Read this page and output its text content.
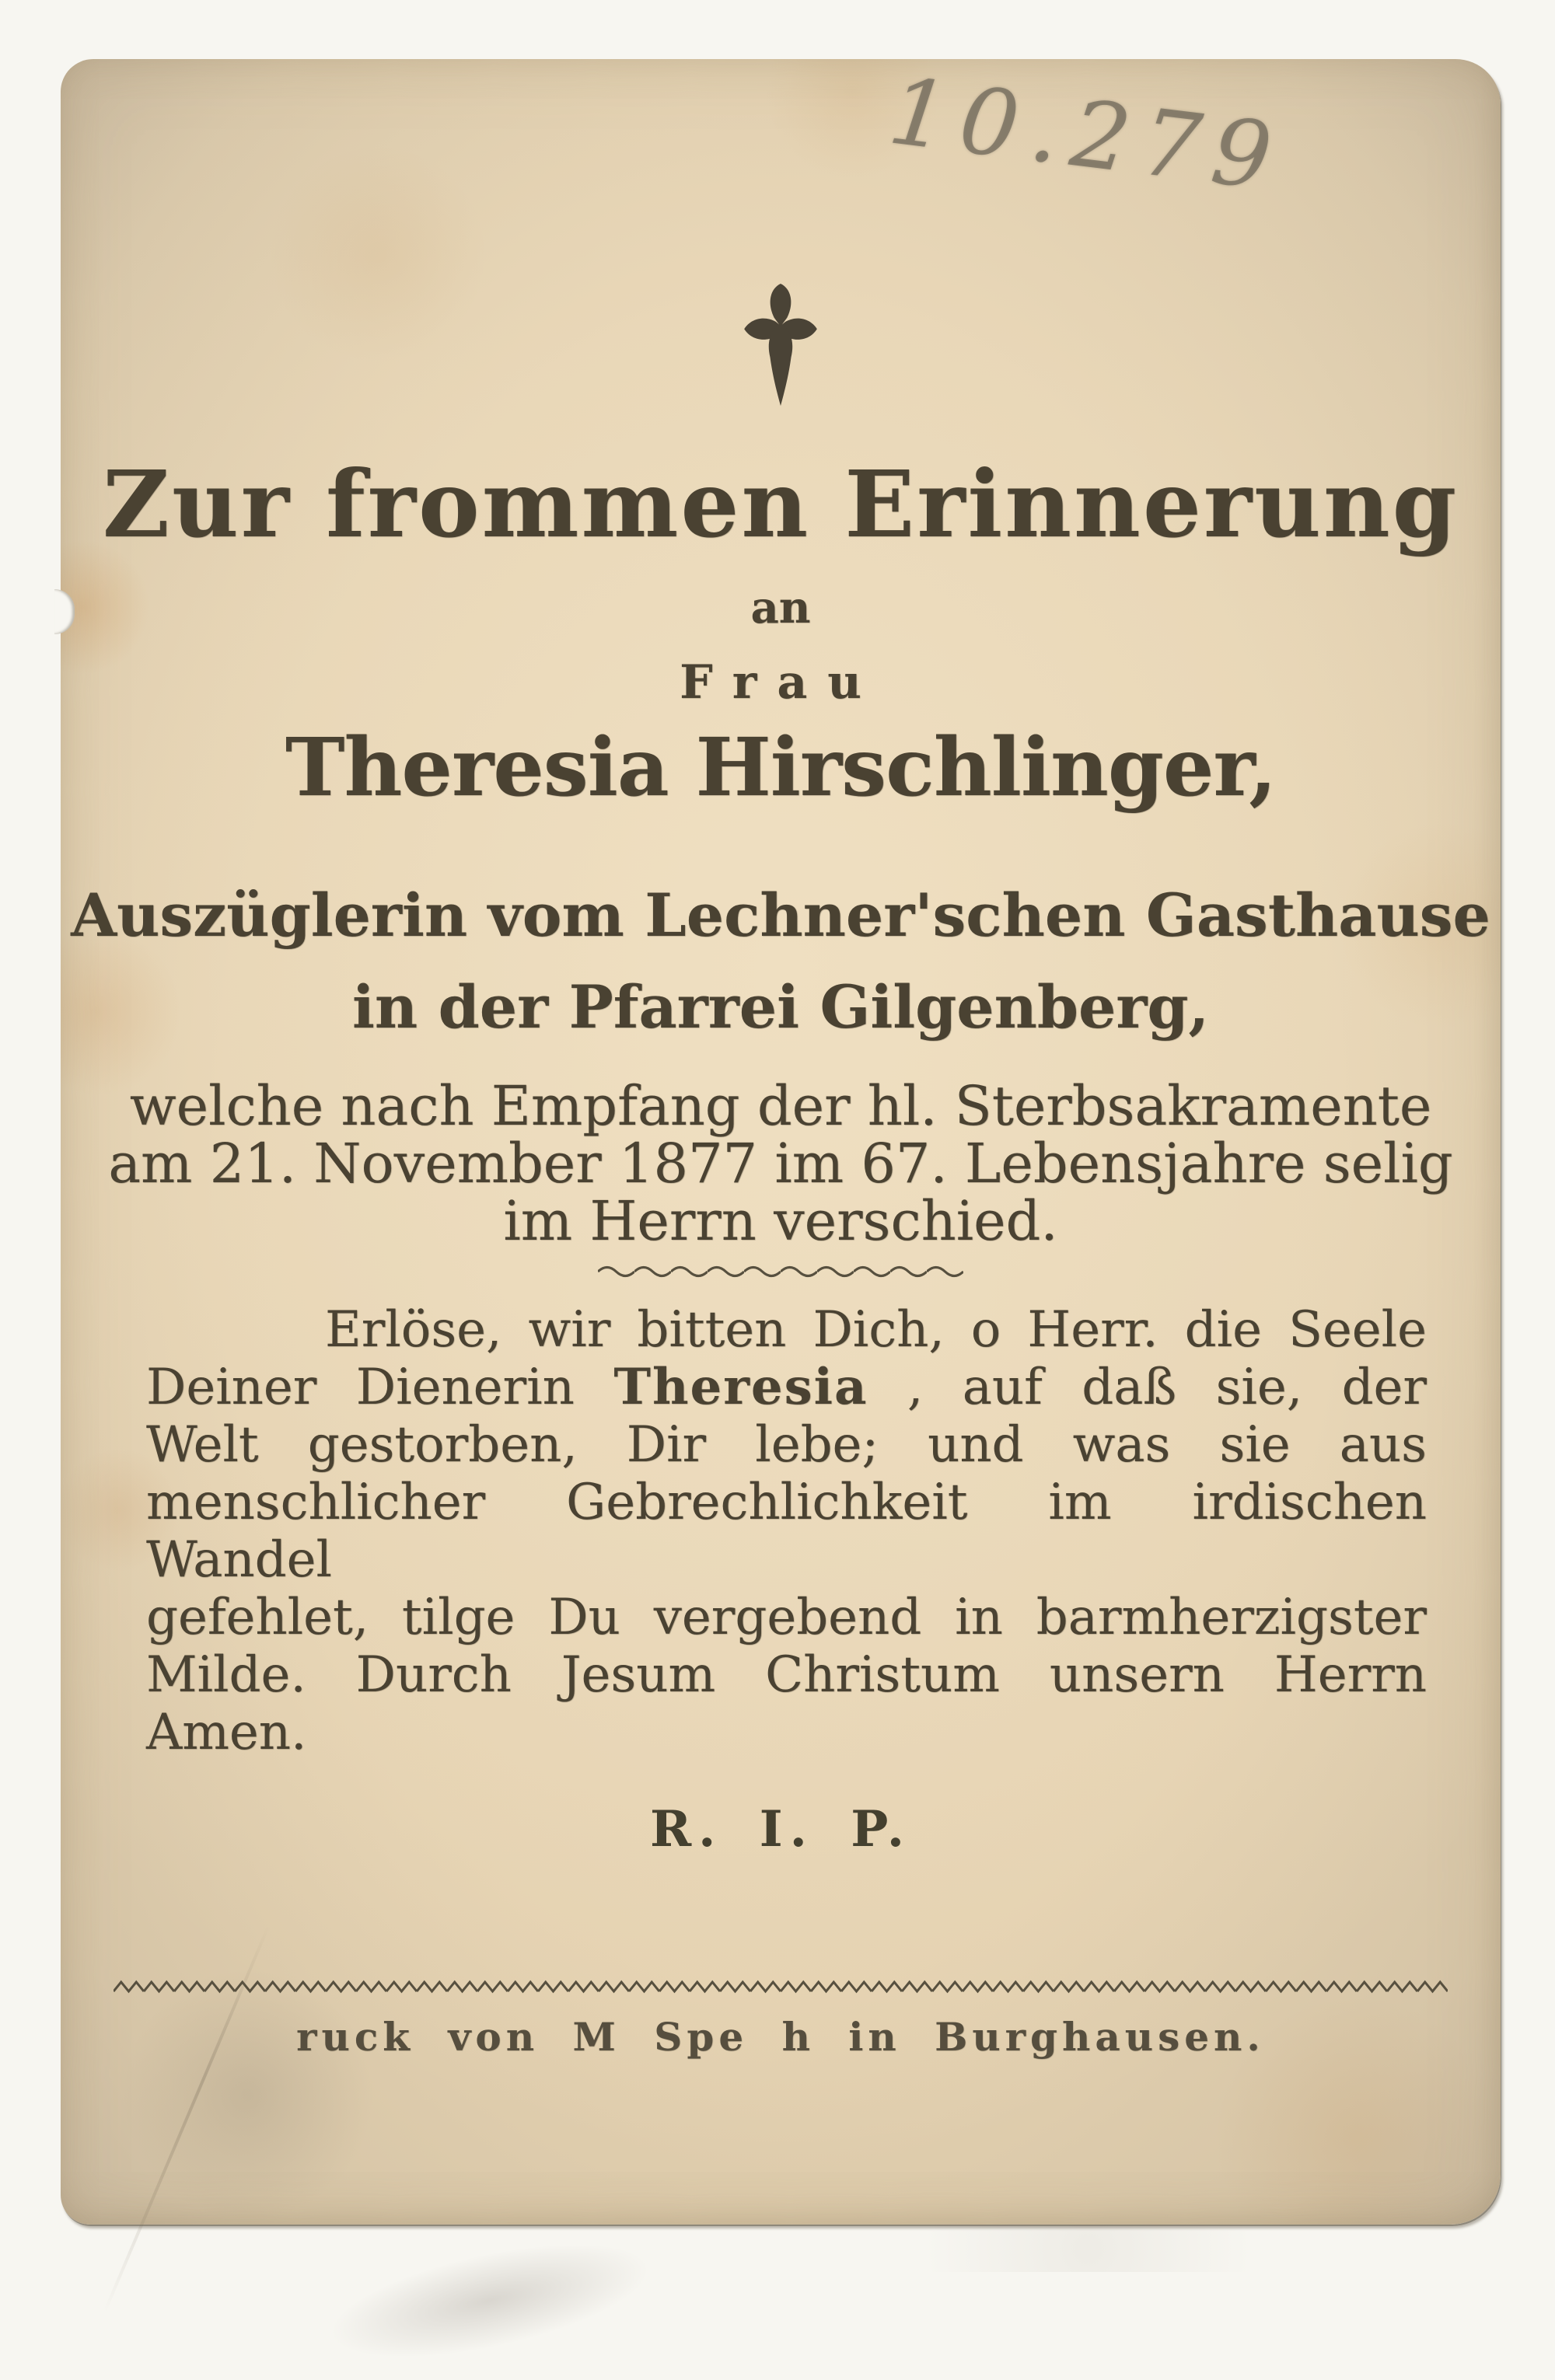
10.279
Zur frommen Erinnerung
an
Frau
Theresia Hirschlinger,
Auszüglerin vom Lechner'schen Gasthause
in der Pfarrei Gilgenberg,
welche nach Empfang der hl. Sterbsakramente
am 21. November 1877 im 67. Lebensjahre selig
im Herrn verschied.
Erlöse, wir bitten Dich, o Herr. die Seele
Deiner Dienerin Theresia , auf daß sie, der
Welt gestorben, Dir lebe; und was sie aus
menschlicher Gebrechlichkeit im irdischen Wandel
gefehlet, tilge Du vergebend in barmherzigster
Milde. Durch Jesum Christum unsern Herrn
Amen.
R. I. P.
ruck von M Spe h in Burghausen.
